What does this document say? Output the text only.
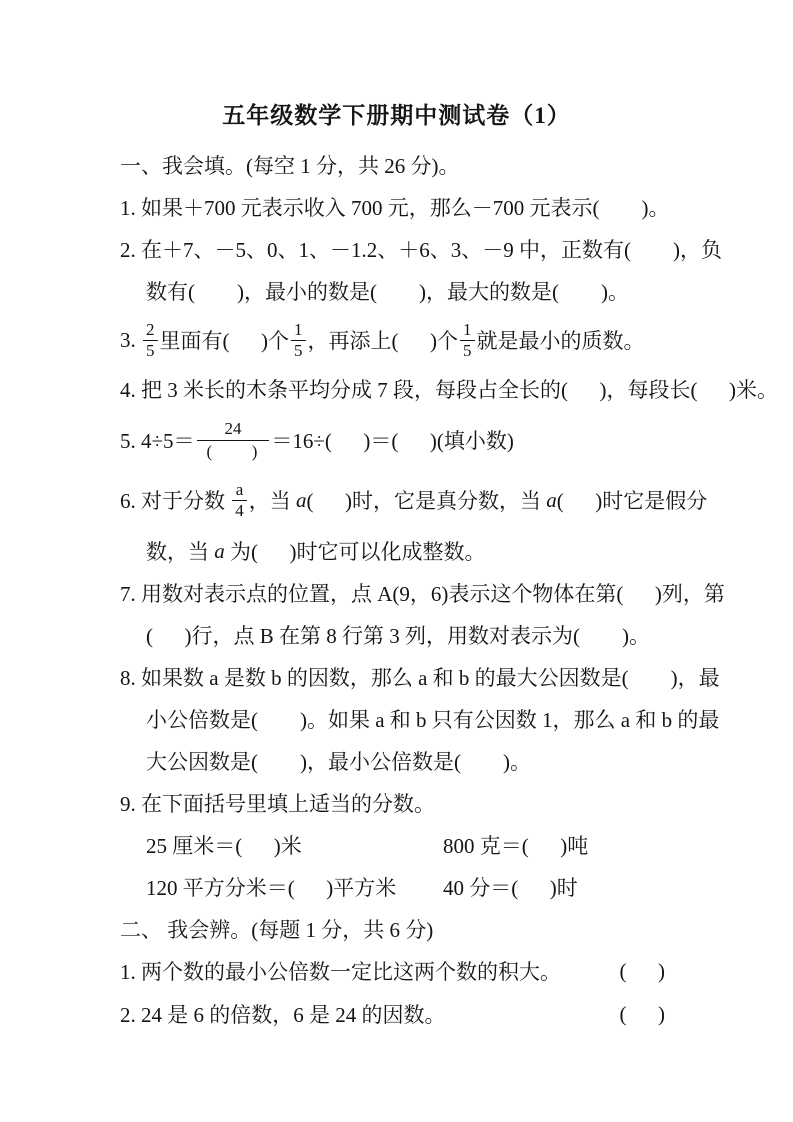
五年级数学下册期中测试卷（1）
一、我会填。(每空 1 分，共 26 分)。
1. 如果＋700 元表示收入 700 元，那么－700 元表示(        )。
2. 在＋7、－5、0、1、－1.2、＋6、3、－9 中，正数有(        )，负
数有(        )，最小的数是(        )，最大的数是(        )。
3. $\frac{2}{5}$ 里面有(      )个 $\frac{1}{5}$ ，再添上(      )个 $\frac{1}{5}$ 就是最小的质数。
4. 把 3 米长的木条平均分成 7 段，每段占全长的(      )，每段长(      )米。
5. $4\div 5= \frac{24}{( )} =16\div$(      )＝(      )(填小数)
6. 对于分数 $\frac{a}{4}$ ，当 a (      )时，它是真分数，当 a (      )时它是假分
数，当 a 为(      )时它可以化成整数。
7. 用数对表示点的位置，点 A(9，6)表示这个物体在第(      )列，第
(      )行，点 B 在第 8 行第 3 列，用数对表示为(        )。
8. 如果数 a 是数 b 的因数，那么 a 和 b 的最大公因数是(        )，最
小公倍数是(        )。如果 a 和 b 只有公因数 1，那么 a 和 b 的最
大公因数是(        )，最小公倍数是(        )。
9. 在下面括号里填上适当的分数。
25 厘米＝(      )米	800 克＝(      )吨
120 平方分米＝(      )平方米	40 分＝(      )时
二、 我会辨。(每题 1 分，共 6 分)
1. 两个数的最小公倍数一定比这两个数的积大。	(      )
2. 24 是 6 的倍数，6 是 24 的因数。	(      )
